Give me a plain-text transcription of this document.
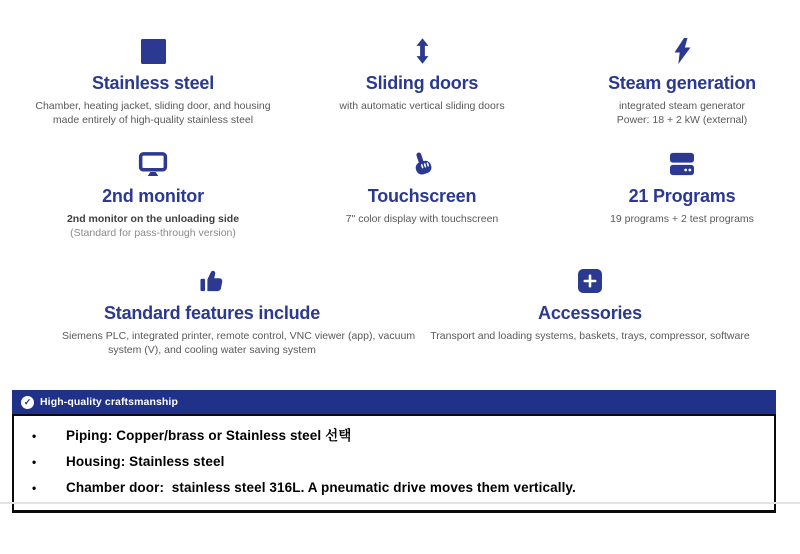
Stainless steel

Chamber, heating jacket, sliding door, and housing
made entirely of high-quality stainless steel

Sliding doors

with automatic vertical sliding doors

Steam generation

integrated steam generator
Power: 18 + 2 kW (external)

2nd monitor

2nd monitor on the unloading side
(Standard for pass-through version)

Touchscreen

7" color display with touchscreen

21 Programs

19 programs + 2 test programs

Standard features include

Siemens PLC, integrated printer, remote control, VNC viewer (app), vacuum
system (V), and cooling water saving system

Accessories

Transport and loading systems, baskets, trays, compressor, software

✓ High-quality craftsmanship
•	Piping: Copper/brass or Stainless steel 선택
•	Housing: Stainless steel
•	Chamber door:  stainless steel 316L. A pneumatic drive moves them vertically.
